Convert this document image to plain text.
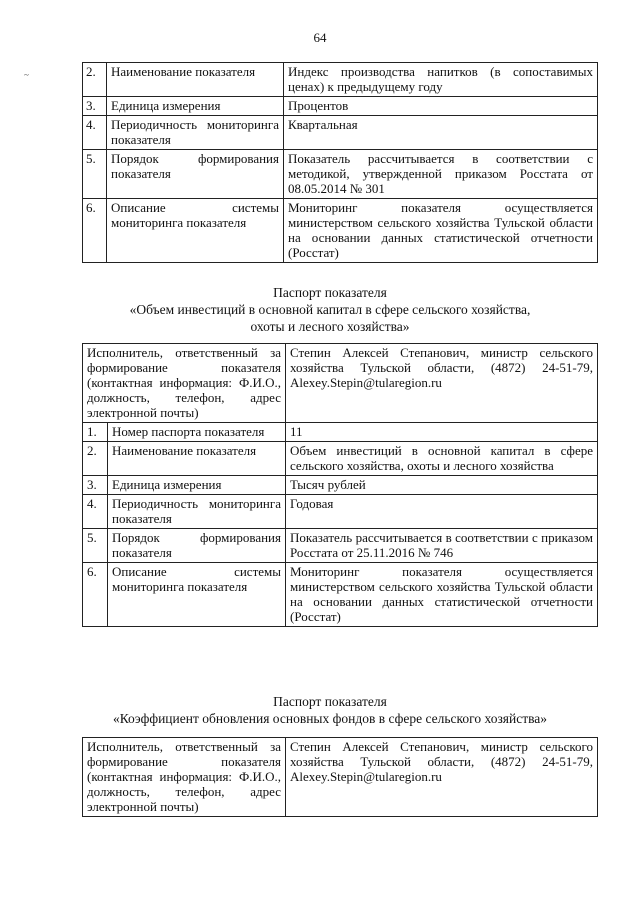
64
~	2.	Наименование показателя	Индекс производства напитков (в сопоставимых ценах) к предыдущему году
3.	Единица измерения	Процентов
4.	Периодичность мониторинга показателя	Квартальная
5.	Порядок формирования показателя	Показатель рассчитывается в соответствии с методикой, утвержденной приказом Росстата от 08.05.2014 № 301
6.	Описание системы мониторинга показателя	Мониторинг показателя осуществляется министерством сельского хозяйства Тульской области на основании данных статистической отчетности (Росстат)
Паспорт показателя
«Объем инвестиций в основной капитал в сфере сельского хозяйства,
охоты и лесного хозяйства»
Исполнитель, ответственный за формирование показателя (контактная информация: Ф.И.О., должность, телефон, адрес электронной почты)		Степин Алексей Степанович, министр сельского хозяйства Тульской области, (4872) 24-51-79, Alexey.Stepin@tularegion.ru
1.	Номер паспорта показателя	11
2.	Наименование показателя	Объем инвестиций в основной капитал в сфере сельского хозяйства, охоты и лесного хозяйства
3.	Единица измерения	Тысяч рублей
4.	Периодичность мониторинга показателя	Годовая
5.	Порядок формирования показателя	Показатель рассчитывается в соответствии с приказом Росстата от 25.11.2016 № 746
6.	Описание системы мониторинга показателя	Мониторинг показателя осуществляется министерством сельского хозяйства Тульской области на основании данных статистической отчетности (Росстат)
Паспорт показателя
«Коэффициент обновления основных фондов в сфере сельского хозяйства»
Исполнитель, ответственный за формирование показателя (контактная информация: Ф.И.О., должность, телефон, адрес электронной почты)	Степин Алексей Степанович, министр сельского хозяйства Тульской области, (4872) 24-51-79, Alexey.Stepin@tularegion.ru
